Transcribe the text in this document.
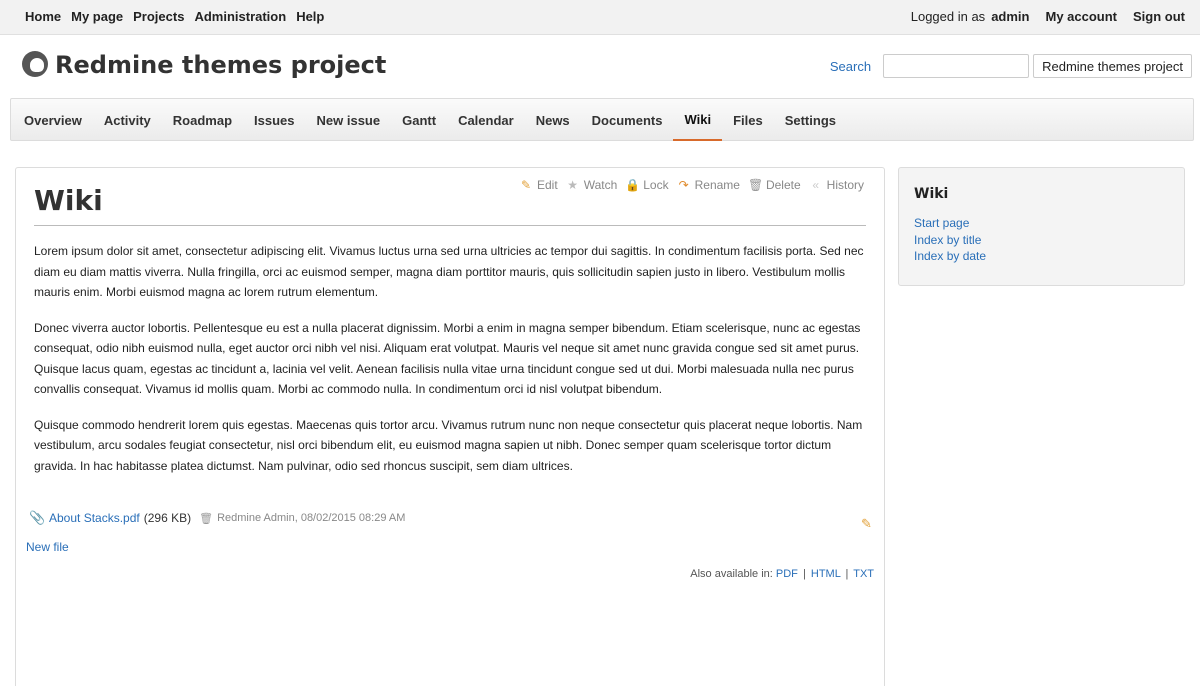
Home My page Projects Administration Help	Logged in as admin My account Sign out
Redmine themes project	Search	Redmine themes project
Overview	Activity	Roadmap	Issues	New issue	Gantt	Calendar	News	Documents	Wiki	Files	Settings
✎ Edit ★ Watch 🔒 Lock ↷ Rename 🗑 Delete « History
Wiki

Lorem ipsum dolor sit amet, consectetur adipiscing elit. Vivamus luctus urna sed urna ultricies ac tempor dui sagittis. In condimentum facilisis porta. Sed nec diam eu diam mattis viverra. Nulla fringilla, orci ac euismod semper, magna diam porttitor mauris, quis sollicitudin sapien justo in libero. Vestibulum mollis mauris enim. Morbi euismod magna ac lorem rutrum elementum.

Donec viverra auctor lobortis. Pellentesque eu est a nulla placerat dignissim. Morbi a enim in magna semper bibendum. Etiam scelerisque, nunc ac egestas consequat, odio nibh euismod nulla, eget auctor orci nibh vel nisi. Aliquam erat volutpat. Mauris vel neque sit amet nunc gravida congue sed sit amet purus. Quisque lacus quam, egestas ac tincidunt a, lacinia vel velit. Aenean facilisis nulla vitae urna tincidunt congue sed ut dui. Morbi malesuada nulla nec purus convallis consequat. Vivamus id mollis quam. Morbi ac commodo nulla. In condimentum orci id nisl volutpat bibendum.

Quisque commodo hendrerit lorem quis egestas. Maecenas quis tortor arcu. Vivamus rutrum nunc non neque consectetur quis placerat neque lobortis. Nam vestibulum, arcu sodales feugiat consectetur, nisl orci bibendum elit, eu euismod magna sapien ut nibh. Donec semper quam scelerisque tortor dictum gravida. In hac habitasse platea dictumst. Nam pulvinar, odio sed rhoncus suscipit, sem diam ultrices.

📎 About Stacks.pdf (296 KB) 🗑 Redmine Admin, 08/02/2015 08:29 AM	✎
New file
Also available in: PDF | HTML | TXT
Wiki
Start page
Index by title
Index by date
